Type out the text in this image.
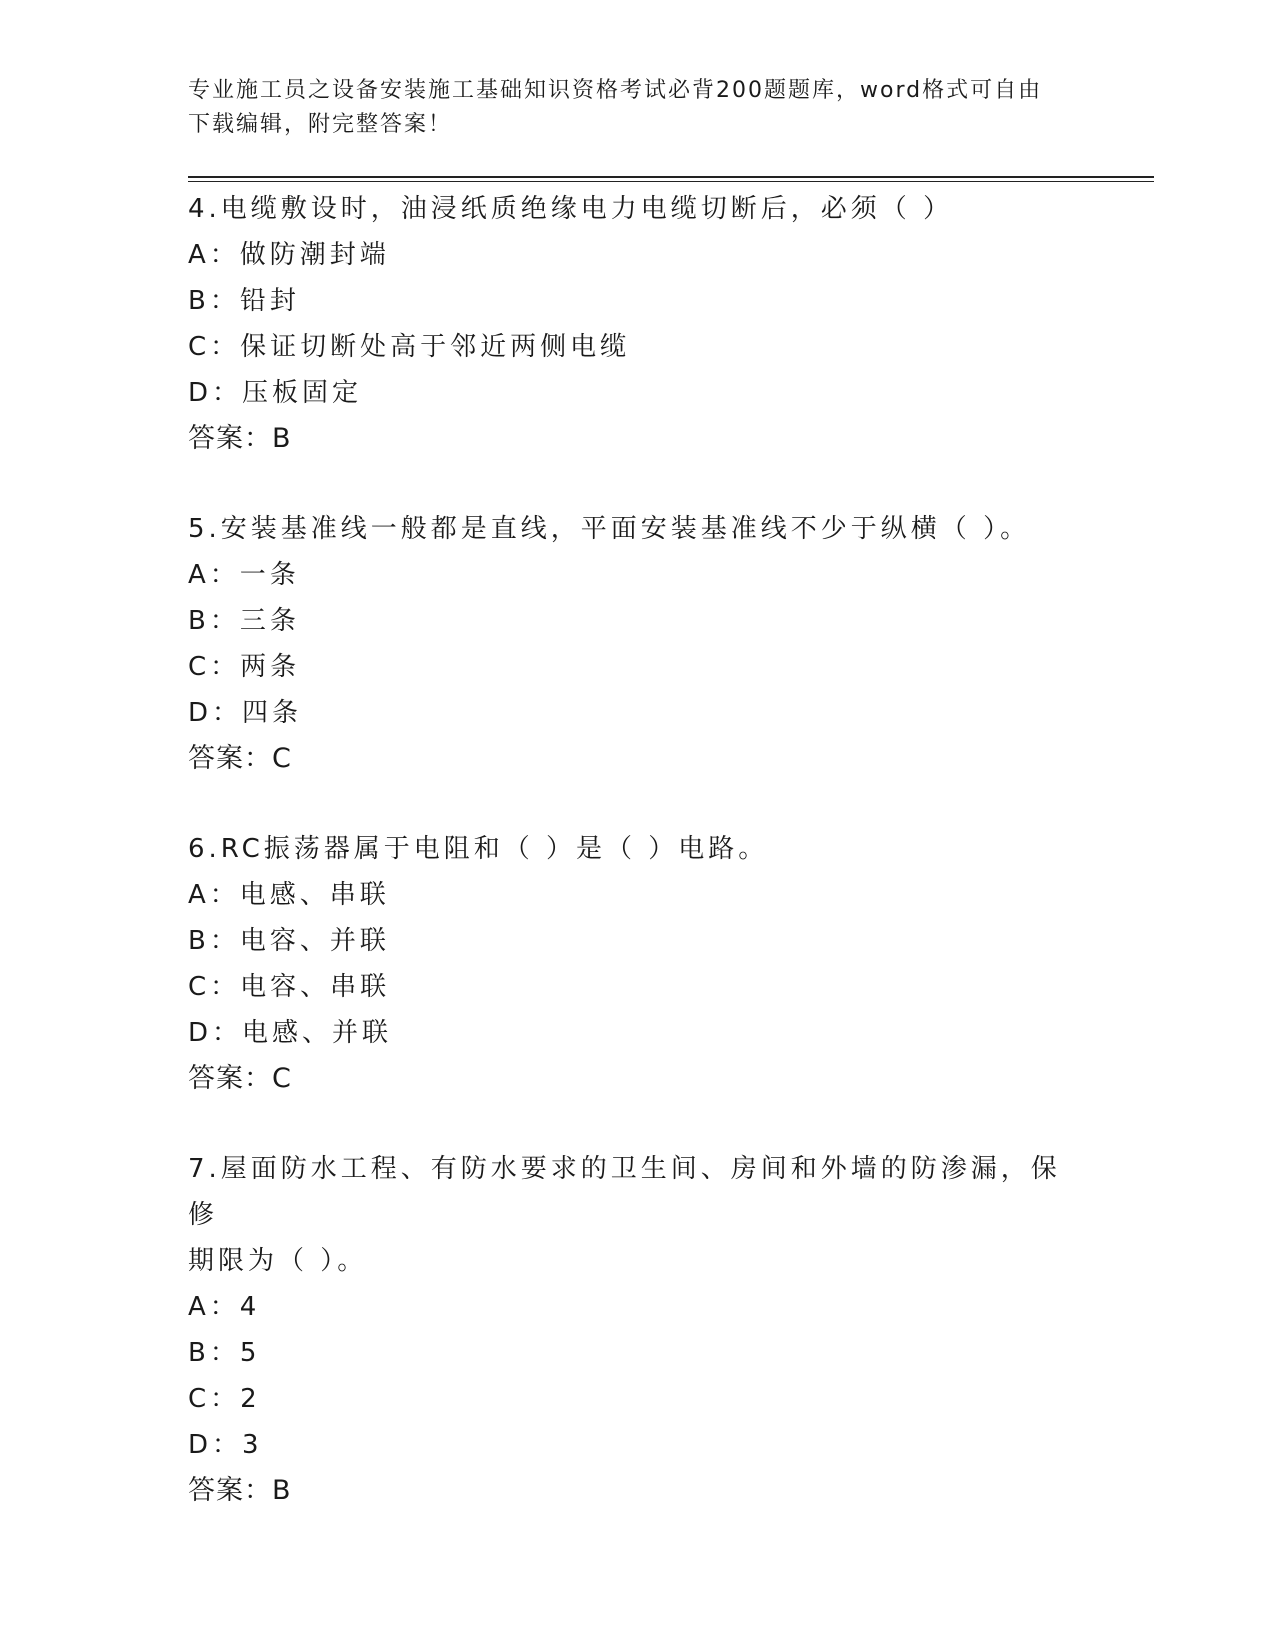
专业施工员之设备安装施工基础知识资格考试必背200题题库，word格式可自由
下载编辑，附完整答案！
4.电缆敷设时，油浸纸质绝缘电力电缆切断后，必须（ ）
A：做防潮封端
B：铅封
C：保证切断处高于邻近两侧电缆
D：压板固定
答案：B
5.安装基准线一般都是直线，平面安装基准线不少于纵横（ ）。
A：一条
B：三条
C：两条
D：四条
答案：C
6.RC振荡器属于电阻和（ ）是（ ）电路。
A：电感、串联
B：电容、并联
C：电容、串联
D：电感、并联
答案：C
7.屋面防水工程、有防水要求的卫生间、房间和外墙的防渗漏，保修
期限为（ ）。
A：4
B：5
C：2
D：3
答案：B
